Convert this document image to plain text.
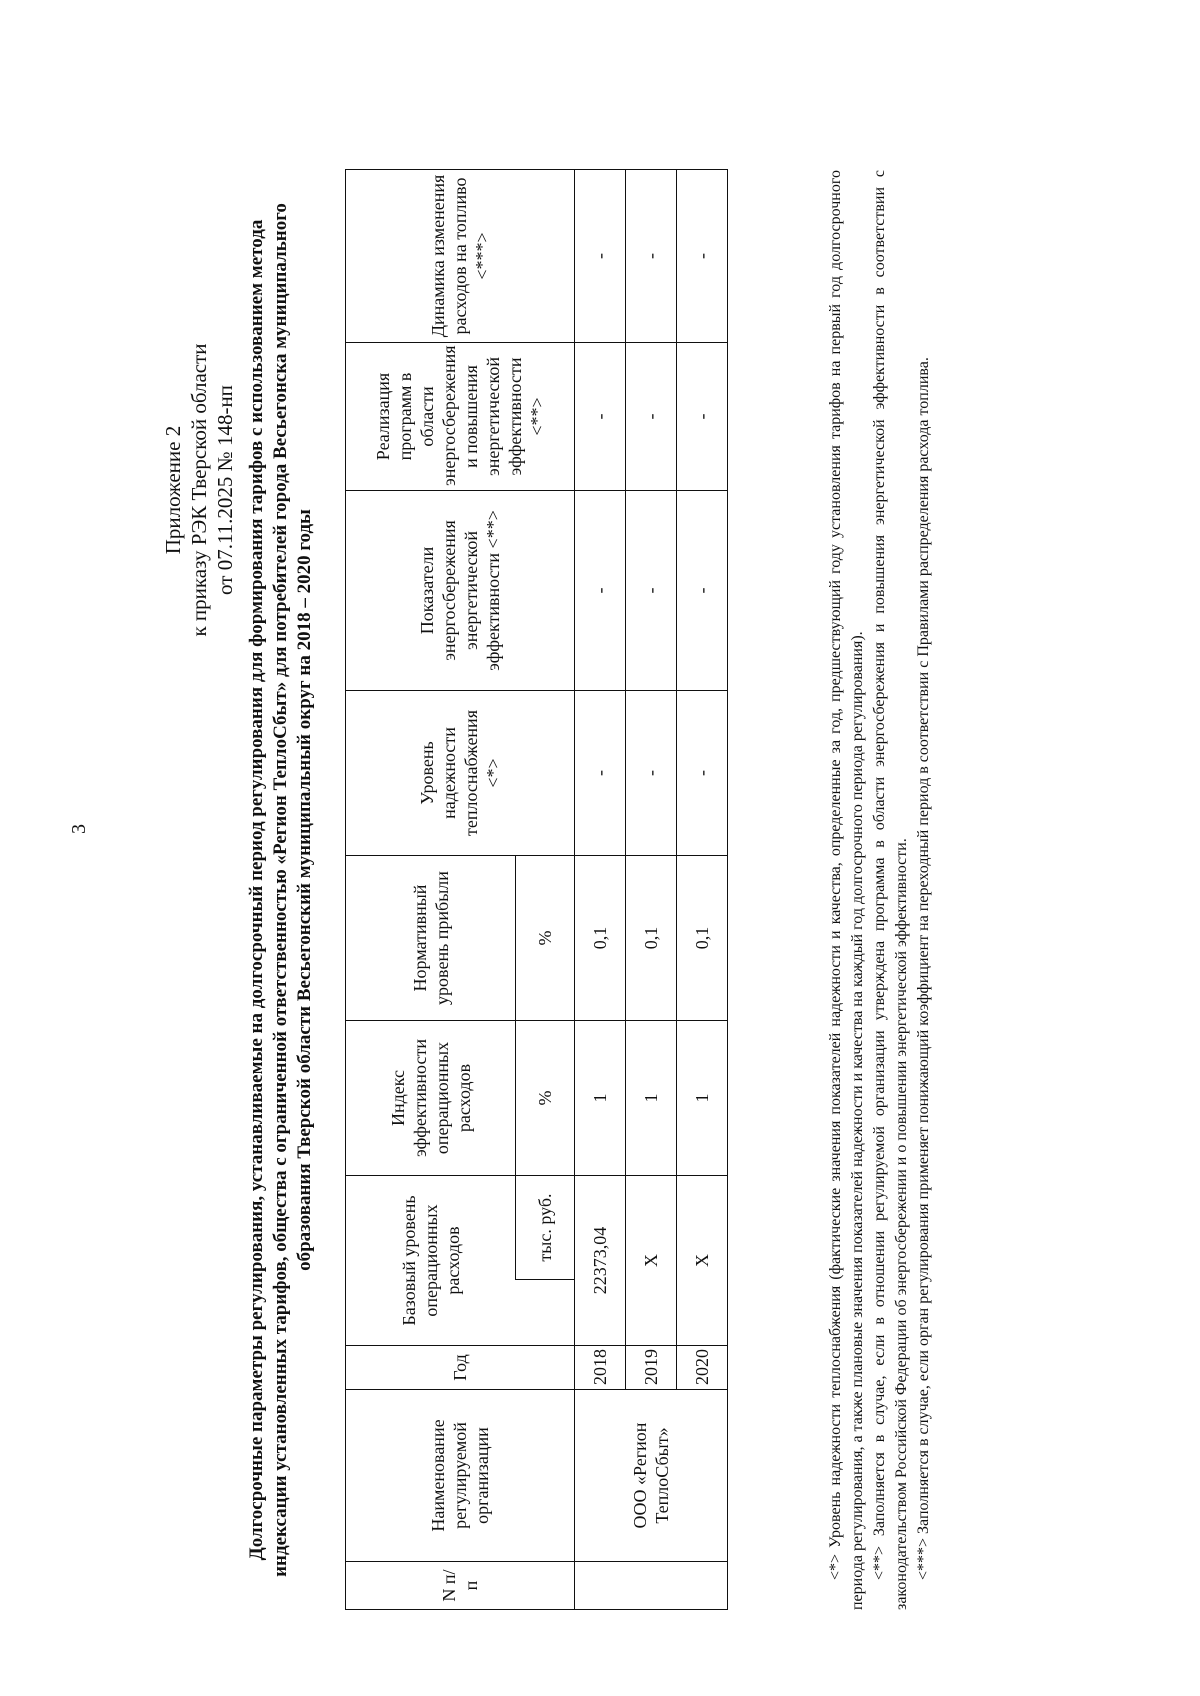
3
Приложение 2 к приказу РЭК Тверской области от 07.11.2025 № 148-нп Долгосрочные параметры регулирования, устанавливаемые на долгосрочный период регулирования для формирования тарифов с использованием метода индексации установленных тарифов, общества с ограниченной ответственностью «Регион ТеплоСбыт» для потребителей города Весьегонска муниципального образования Тверской области Весьегонский муниципальный округ на 2018 – 2020 годы
N п/п	Наименование регулируемой организации	Год	Базовый уровень операционных расходов		Индекс эффективности операционных расходов	Нормативный уровень прибыли	Уровень надежности теплоснабжения <*>	Показатели энергосбережения энергетической эффективности <**>	Реализация программ в области энергосбережения и повышения энергетической эффективности <**>	Динамика изменения расходов на топливо <***>
				тыс. руб.	%	%				
	ООО «Регион ТеплоСбыт»	2018	22373,04		1	0,1	-	-	-	-
		2019	Х		1	0,1	-	-	-	-
		2020	Х		1	0,1	-	-	-	-	<*> Уровень надежности теплоснабжения (фактические значения показателей надежности и качества, определенные за год, предшествующий году установления тарифов на первый год долгосрочного периода регулирования, а также плановые значения показателей надежности и качества на каждый год долгосрочного периода регулирования). <**> Заполняется в случае, если в отношении регулируемой организации утверждена программа в области энергосбережения и повышения энергетической эффективности в соответствии с законодательством Российской Федерации об энергосбережении и о повышении энергетической эффективности. <***> Заполняется в случае, если орган регулирования применяет понижающий коэффициент на переходный период в соответствии с Правилами распределения расхода топлива.
